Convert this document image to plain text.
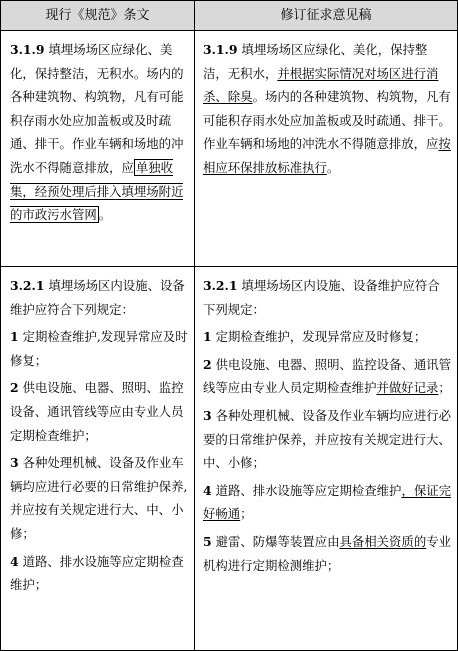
现行《规范》条文	修订征求意见稿
3.1.9 填埋场场区应绿化、美化，保持整洁，无积水。场内的各种建筑物、构筑物，凡有可能积存雨水处应加盖板或及时疏通、排干。作业车辆和场地的冲洗水不得随意排放，应 单独收集，经预处理后排入填埋场附近的市政污水管网 。
3.1.9 填埋场场区应绿化、美化，保持整洁，无积水，并根据实际情况对场区进行消杀、除臭。场内的各种建筑物、构筑物，凡有可能积存雨水处应加盖板或及时疏通、排干。作业车辆和场地的冲洗水不得随意排放，应按相应环保排放标准执行。

3.2.1 填埋场场区内设施、设备维护应符合下列规定：

1 定期检查维护,发现异常应及时修复；

2 供电设施、电器、照明、监控设备、通讯管线等应由专业人员定期检查维护；

3 各种处理机械、设备及作业车辆均应进行必要的日常维护保养,并应按有关规定进行大、中、小修；

4 道路、排水设施等应定期检查维护；

3.2.1 填埋场场区内设施、设备维护应符合下列规定：

1 定期检查维护，发现异常应及时修复；

2 供电设施、电器、照明、监控设备、通讯管线等应由专业人员定期检查维护并做好记录；

3 各种处理机械、设备及作业车辆均应进行必要的日常维护保养，并应按有关规定进行大、中、小修；

4 道路、排水设施等应定期检查维护，保证完好畅通；

5 避雷、防爆等装置应由具备相关资质的专业机构进行定期检测维护；
